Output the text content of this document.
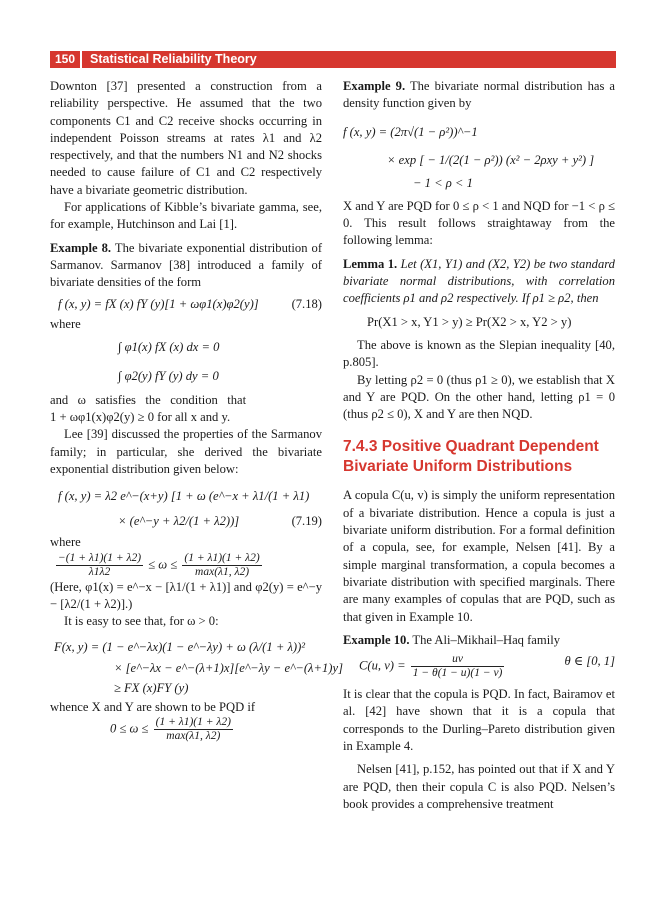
150	Statistical Reliability Theory

Downton [37] presented a construction from a reliability perspective. He assumed that the two components C1 and C2 receive shocks occurring in independent Poisson streams at rates λ1 and λ2 respectively, and that the numbers N1 and N2 shocks needed to cause failure of C1 and C2 respectively have a bivariate geometric distribution.

For applications of Kibble’s bivariate gamma, see, for example, Hutchinson and Lai [1].

Example 8. The bivariate exponential distribution of Sarmanov. Sarmanov [38] introduced a family of bivariate densities of the form

f (x, y) = fX (x) fY (y)[1 + ωφ1(x)φ2(y)]	(7.18)

where

∫ φ1(x) fX (x) dx = 0
∫ φ2(y) fY (y) dy = 0

and   ω   satisfies   the   condition   that

1 + ωφ1(x)φ2(y) ≥ 0 for all x and y.

Lee [39] discussed the properties of the Sarmanov family; in particular, she derived the bivariate exponential distribution given below:

f (x, y) = λ2 e^−(x+y) [1 + ω (e^−x + λ1/(1 + λ1)
× (e^−y + λ2/(1 + λ2))]	(7.19)

where

$\frac{-(1 + \lambda 1)(1 + \lambda 2)}{\lambda 1\lambda 2} \le \omega \le \frac{(1 + \lambda 1)(1 + \lambda 2)}{\max(\lambda 1, \lambda 2)}$

(Here, φ1(x) = e^−x − [λ1/(1 + λ1)] and φ2(y) = e^−y − [λ2/(1 + λ2)].)

It is easy to see that, for ω > 0:

F(x, y) = (1 − e^−λx)(1 − e^−λy) + ω (λ/(1 + λ))²
× [e^−λx − e^−(λ+1)x][e^−λy − e^−(λ+1)y]
≥ FX (x)FY (y)

whence X and Y are shown to be PQD if

$0 \le \omega \le \frac{(1 + \lambda 1)(1 + \lambda 2)}{\max(\lambda 1, \lambda 2)}$

Example 9. The bivariate normal distribution has a density function given by

f (x, y) = (2π√(1 − ρ²))^−1
× exp [ − 1/(2(1 − ρ²)) (x² − 2ρxy + y²) ]
− 1 < ρ < 1

X and Y are PQD for 0 ≤ ρ < 1 and NQD for −1 < ρ ≤ 0. This result follows straightaway from the following lemma:

Lemma 1. Let (X1, Y1) and (X2, Y2) be two standard bivariate normal distributions, with correlation coefficients ρ1 and ρ2 respectively. If ρ1 ≥ ρ2, then

Pr(X1 > x, Y1 > y) ≥ Pr(X2 > x, Y2 > y)

The above is known as the Slepian inequality [40, p.805].

By letting ρ2 = 0 (thus ρ1 ≥ 0), we establish that X and Y are PQD. On the other hand, letting ρ1 = 0 (thus ρ2 ≤ 0), X and Y are then NQD.

7.4.3 Positive Quadrant Dependent Bivariate Uniform Distributions

A copula C(u, v) is simply the uniform representation of a bivariate distribution. Hence a copula is just a bivariate uniform distribution. For a formal definition of a copula, see, for example, Nelsen [41]. By a simple marginal transformation, a copula becomes a bivariate distribution with specified marginals. There are many examples of copulas that are PQD, such as that given in Example 10.

Example 10. The Ali–Mikhail–Haq family

C(u, $v) = \frac{uv}{1 - \theta(1 - u)(1 - v)}$	θ ∈ [0, 1]

It is clear that the copula is PQD. In fact, Bairamov et al. [42] have shown that it is a copula that corresponds to the Durling–Pareto distribution given in Example 4.

Nelsen [41], p.152, has pointed out that if X and Y are PQD, then their copula C is also PQD. Nelsen’s book provides a comprehensive treatment
